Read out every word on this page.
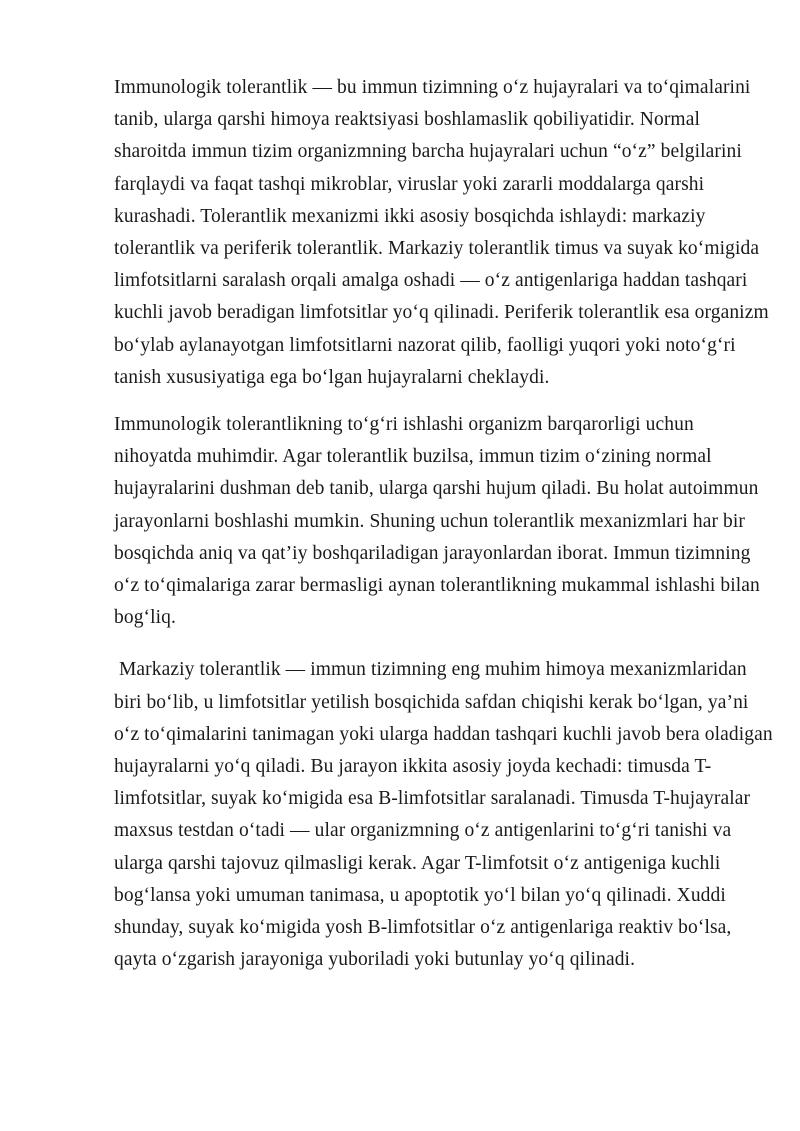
Immunologik tolerantlik — bu immun tizimning o‘z hujayralari va to‘qimalarini
tanib, ularga qarshi himoya reaktsiyasi boshlamaslik qobiliyatidir. Normal
sharoitda immun tizim organizmning barcha hujayralari uchun “o‘z” belgilarini
farqlaydi va faqat tashqi mikroblar, viruslar yoki zararli moddalarga qarshi
kurashadi. Tolerantlik mexanizmi ikki asosiy bosqichda ishlaydi: markaziy
tolerantlik va periferik tolerantlik. Markaziy tolerantlik timus va suyak ko‘migida
limfotsitlarni saralash orqali amalga oshadi — o‘z antigenlariga haddan tashqari
kuchli javob beradigan limfotsitlar yo‘q qilinadi. Periferik tolerantlik esa organizm
bo‘ylab aylanayotgan limfotsitlarni nazorat qilib, faolligi yuqori yoki noto‘g‘ri
tanish xususiyatiga ega bo‘lgan hujayralarni cheklaydi.
Immunologik tolerantlikning to‘g‘ri ishlashi organizm barqarorligi uchun
nihoyatda muhimdir. Agar tolerantlik buzilsa, immun tizim o‘zining normal
hujayralarini dushman deb tanib, ularga qarshi hujum qiladi. Bu holat autoimmun
jarayonlarni boshlashi mumkin. Shuning uchun tolerantlik mexanizmlari har bir
bosqichda aniq va qat’iy boshqariladigan jarayonlardan iborat. Immun tizimning
o‘z to‘qimalariga zarar bermasligi aynan tolerantlikning mukammal ishlashi bilan
bog‘liq.
Markaziy tolerantlik — immun tizimning eng muhim himoya mexanizmlaridan
biri bo‘lib, u limfotsitlar yetilish bosqichida safdan chiqishi kerak bo‘lgan, ya’ni
o‘z to‘qimalarini tanimagan yoki ularga haddan tashqari kuchli javob bera oladigan
hujayralarni yo‘q qiladi. Bu jarayon ikkita asosiy joyda kechadi: timusda T-
limfotsitlar, suyak ko‘migida esa B-limfotsitlar saralanadi. Timusda T-hujayralar
maxsus testdan o‘tadi — ular organizmning o‘z antigenlarini to‘g‘ri tanishi va
ularga qarshi tajovuz qilmasligi kerak. Agar T-limfotsit o‘z antigeniga kuchli
bog‘lansa yoki umuman tanimasa, u apoptotik yo‘l bilan yo‘q qilinadi. Xuddi
shunday, suyak ko‘migida yosh B-limfotsitlar o‘z antigenlariga reaktiv bo‘lsa,
qayta o‘zgarish jarayoniga yuboriladi yoki butunlay yo‘q qilinadi.
